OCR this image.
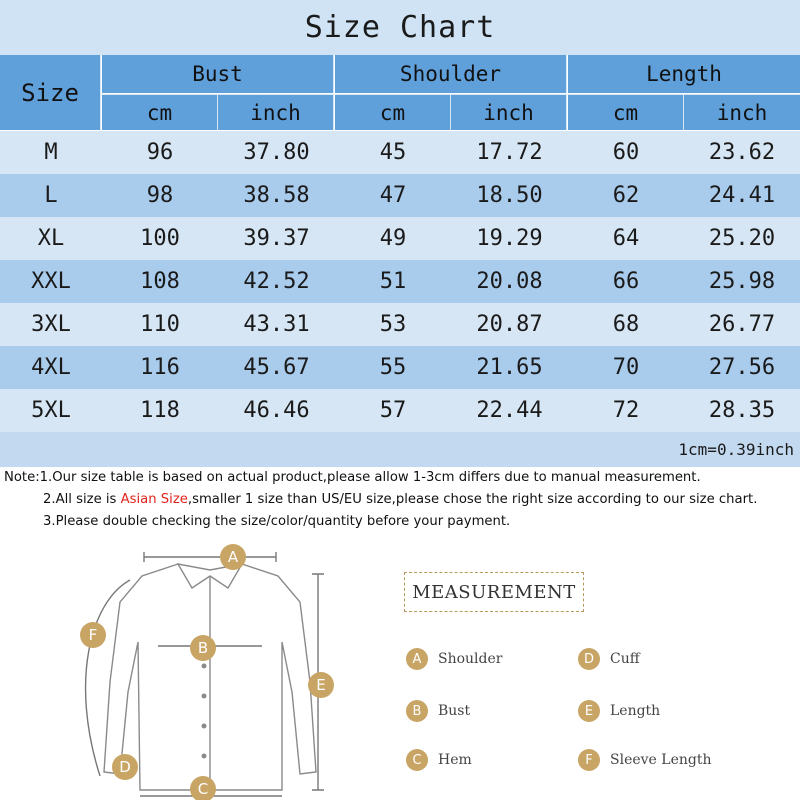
Size Chart
Size
Bust	Shoulder	Length
cm	inch	cm	inch	cm	inch
M	96	37.80	45	17.72	60	23.62
L	98	38.58	47	18.50	62	24.41
XL	100	39.37	49	19.29	64	25.20
XXL	108	42.52	51	20.08	66	25.98
3XL	110	43.31	53	20.87	68	26.77
4XL	116	45.67	55	21.65	70	27.56
5XL	118	46.46	57	22.44	72	28.35
1cm=0.39inch
Note:1.Our size table is based on actual product,please allow 1-3cm differs due to manual measurement.
2.All size is Asian Size,smaller 1 size than US/EU size,please chose the right size according to our size chart.
3.Please double checking the size/color/quantity before your payment.
A
B
C
D
E
F
MEASUREMENT
A	Shoulder
B	Bust
C	Hem
D	Cuff
E	Length
F	Sleeve Length
